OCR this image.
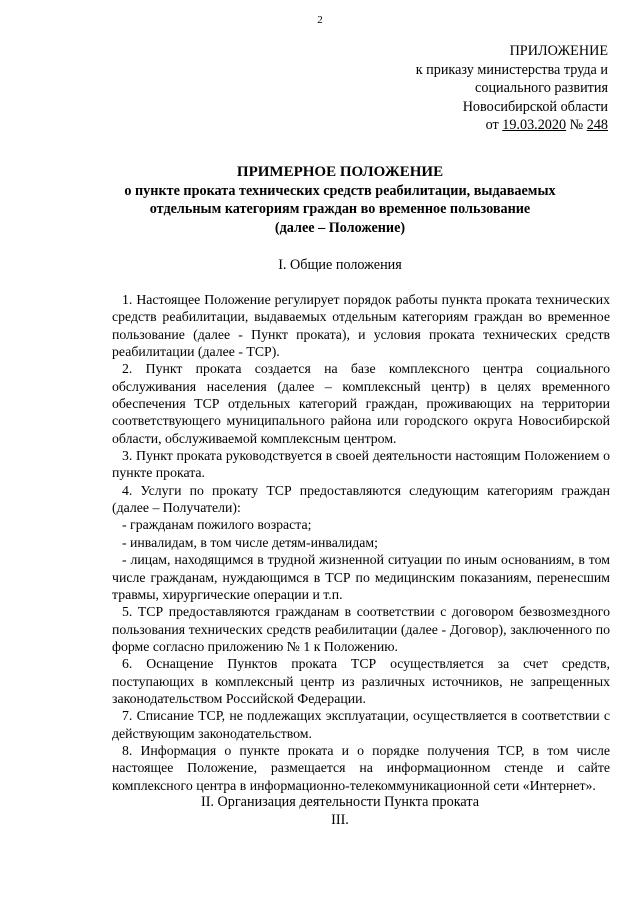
2
ПРИЛОЖЕНИЕ
к приказу министерства труда и
социального развития
Новосибирской области
от 19.03.2020 № 248
ПРИМЕРНОЕ ПОЛОЖЕНИЕ
о пункте проката технических средств реабилитации, выдаваемых
отдельным категориям граждан во временное пользование
(далее – Положение)
I. Общие положения

1. Настоящее Положение регулирует порядок работы пункта проката технических средств реабилитации, выдаваемых отдельным категориям граждан во временное пользование (далее - Пункт проката), и условия проката технических средств реабилитации (далее - ТСР).

2. Пункт проката создается на базе комплексного центра социального обслуживания населения (далее – комплексный центр) в целях временного обеспечения ТСР отдельных категорий граждан, проживающих на территории соответствующего муниципального района или городского округа Новосибирской области, обслуживаемой комплексным центром.

3. Пункт проката руководствуется в своей деятельности настоящим Положением о пункте проката.

4. Услуги по прокату ТСР предоставляются следующим категориям граждан (далее – Получатели):

- гражданам пожилого возраста;

- инвалидам, в том числе детям-инвалидам;

- лицам, находящимся в трудной жизненной ситуации по иным основаниям, в том числе гражданам, нуждающимся в ТСР по медицинским показаниям, перенесшим травмы, хирургические операции и т.п.

5. ТСР предоставляются гражданам в соответствии с договором безвозмездного пользования технических средств реабилитации (далее - Договор), заключенного по форме согласно приложению № 1 к Положению.

6. Оснащение Пунктов проката ТСР осуществляется за счет средств, поступающих в комплексный центр из различных источников, не запрещенных законодательством Российской Федерации.

7. Списание ТСР, не подлежащих эксплуатации, осуществляется в соответствии с действующим законодательством.

8. Информация о пункте проката и о порядке получения ТСР, в том числе настоящее Положение, размещается на информационном стенде и сайте комплексного центра в информационно-телекоммуникационной сети «Интернет».

II. Организация деятельности Пункта проката
III.
